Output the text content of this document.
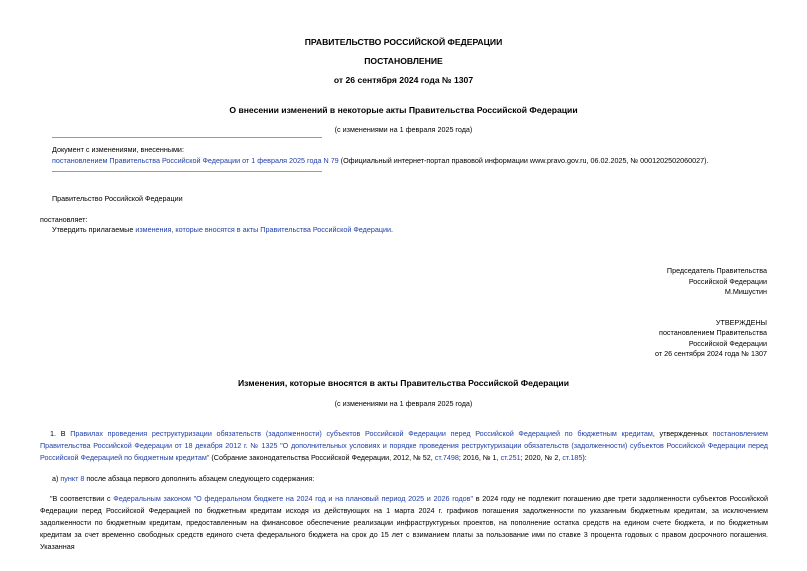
ПРАВИТЕЛЬСТВО РОССИЙСКОЙ ФЕДЕРАЦИИ
ПОСТАНОВЛЕНИЕ
от 26 сентября 2024 года № 1307
О внесении изменений в некоторые акты Правительства Российской Федерации
(с изменениями на 1 февраля 2025 года)
Документ с изменениями, внесенными:
постановлением Правительства Российской Федерации от 1 февраля 2025 года N 79 (Официальный интернет-портал правовой информации www.pravo.gov.ru, 06.02.2025, № 0001202502060027).
Правительство Российской Федерации
постановляет:
Утвердить прилагаемые изменения, которые вносятся в акты Правительства Российской Федерации.
Председатель Правительства
Российской Федерации
М.Мишустин
УТВЕРЖДЕНЫ
постановлением Правительства
Российской Федерации
от 26 сентября 2024 года № 1307
Изменения, которые вносятся в акты Правительства Российской Федерации
(с изменениями на 1 февраля 2025 года)
1. В Правилах проведения реструктуризации обязательств (задолженности) субъектов Российской Федерации перед Российской Федерацией по бюджетным кредитам, утвержденных постановлением Правительства Российской Федерации от 18 декабря 2012 г. № 1325 "О дополнительных условиях и порядке проведения реструктуризации обязательств (задолженности) субъектов Российской Федерации перед Российской Федерацией по бюджетным кредитам" (Собрание законодательства Российской Федерации, 2012, № 52, ст.7498; 2016, № 1, ст.251; 2020, № 2, ст.185):
а) пункт 8 после абзаца первого дополнить абзацем следующего содержания:
"В соответствии с Федеральным законом "О федеральном бюджете на 2024 год и на плановый период 2025 и 2026 годов" в 2024 году не подлежит погашению две трети задолженности субъектов Российской Федерации перед Российской Федерацией по бюджетным кредитам исходя из действующих на 1 марта 2024 г. графиков погашения задолженности по указанным бюджетным кредитам, за исключением задолженности по бюджетным кредитам, предоставленным на финансовое обеспечение реализации инфраструктурных проектов, на пополнение остатка средств на едином счете бюджета, и по бюджетным кредитам за счет временно свободных средств единого счета федерального бюджета на срок до 15 лет с взиманием платы за пользование ими по ставке 3 процента годовых с правом досрочного погашения. Указанная
